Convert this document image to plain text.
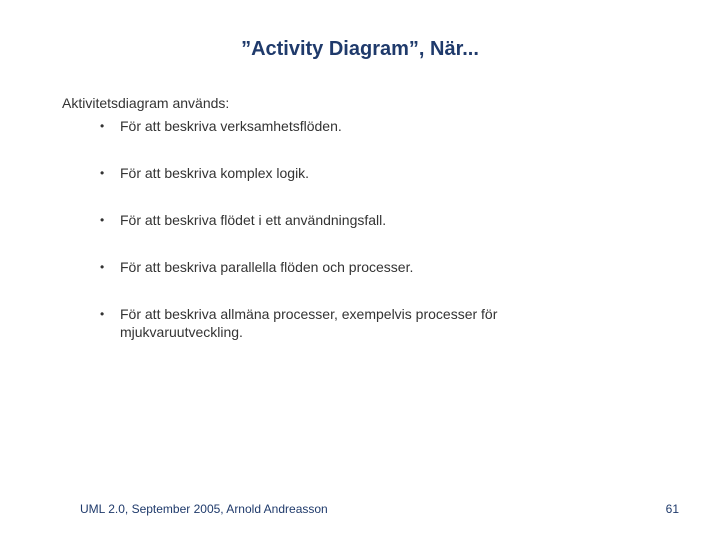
”Activity Diagram”, När...

Aktivitetsdiagram används:

• För att beskriva verksamhetsflöden.
• För att beskriva komplex logik.
• För att beskriva flödet i ett användningsfall.
• För att beskriva parallella flöden och processer.
• För att beskriva allmäna processer, exempelvis processer för mjukvaruutveckling.
UML 2.0, September 2005, Arnold Andreasson	61
